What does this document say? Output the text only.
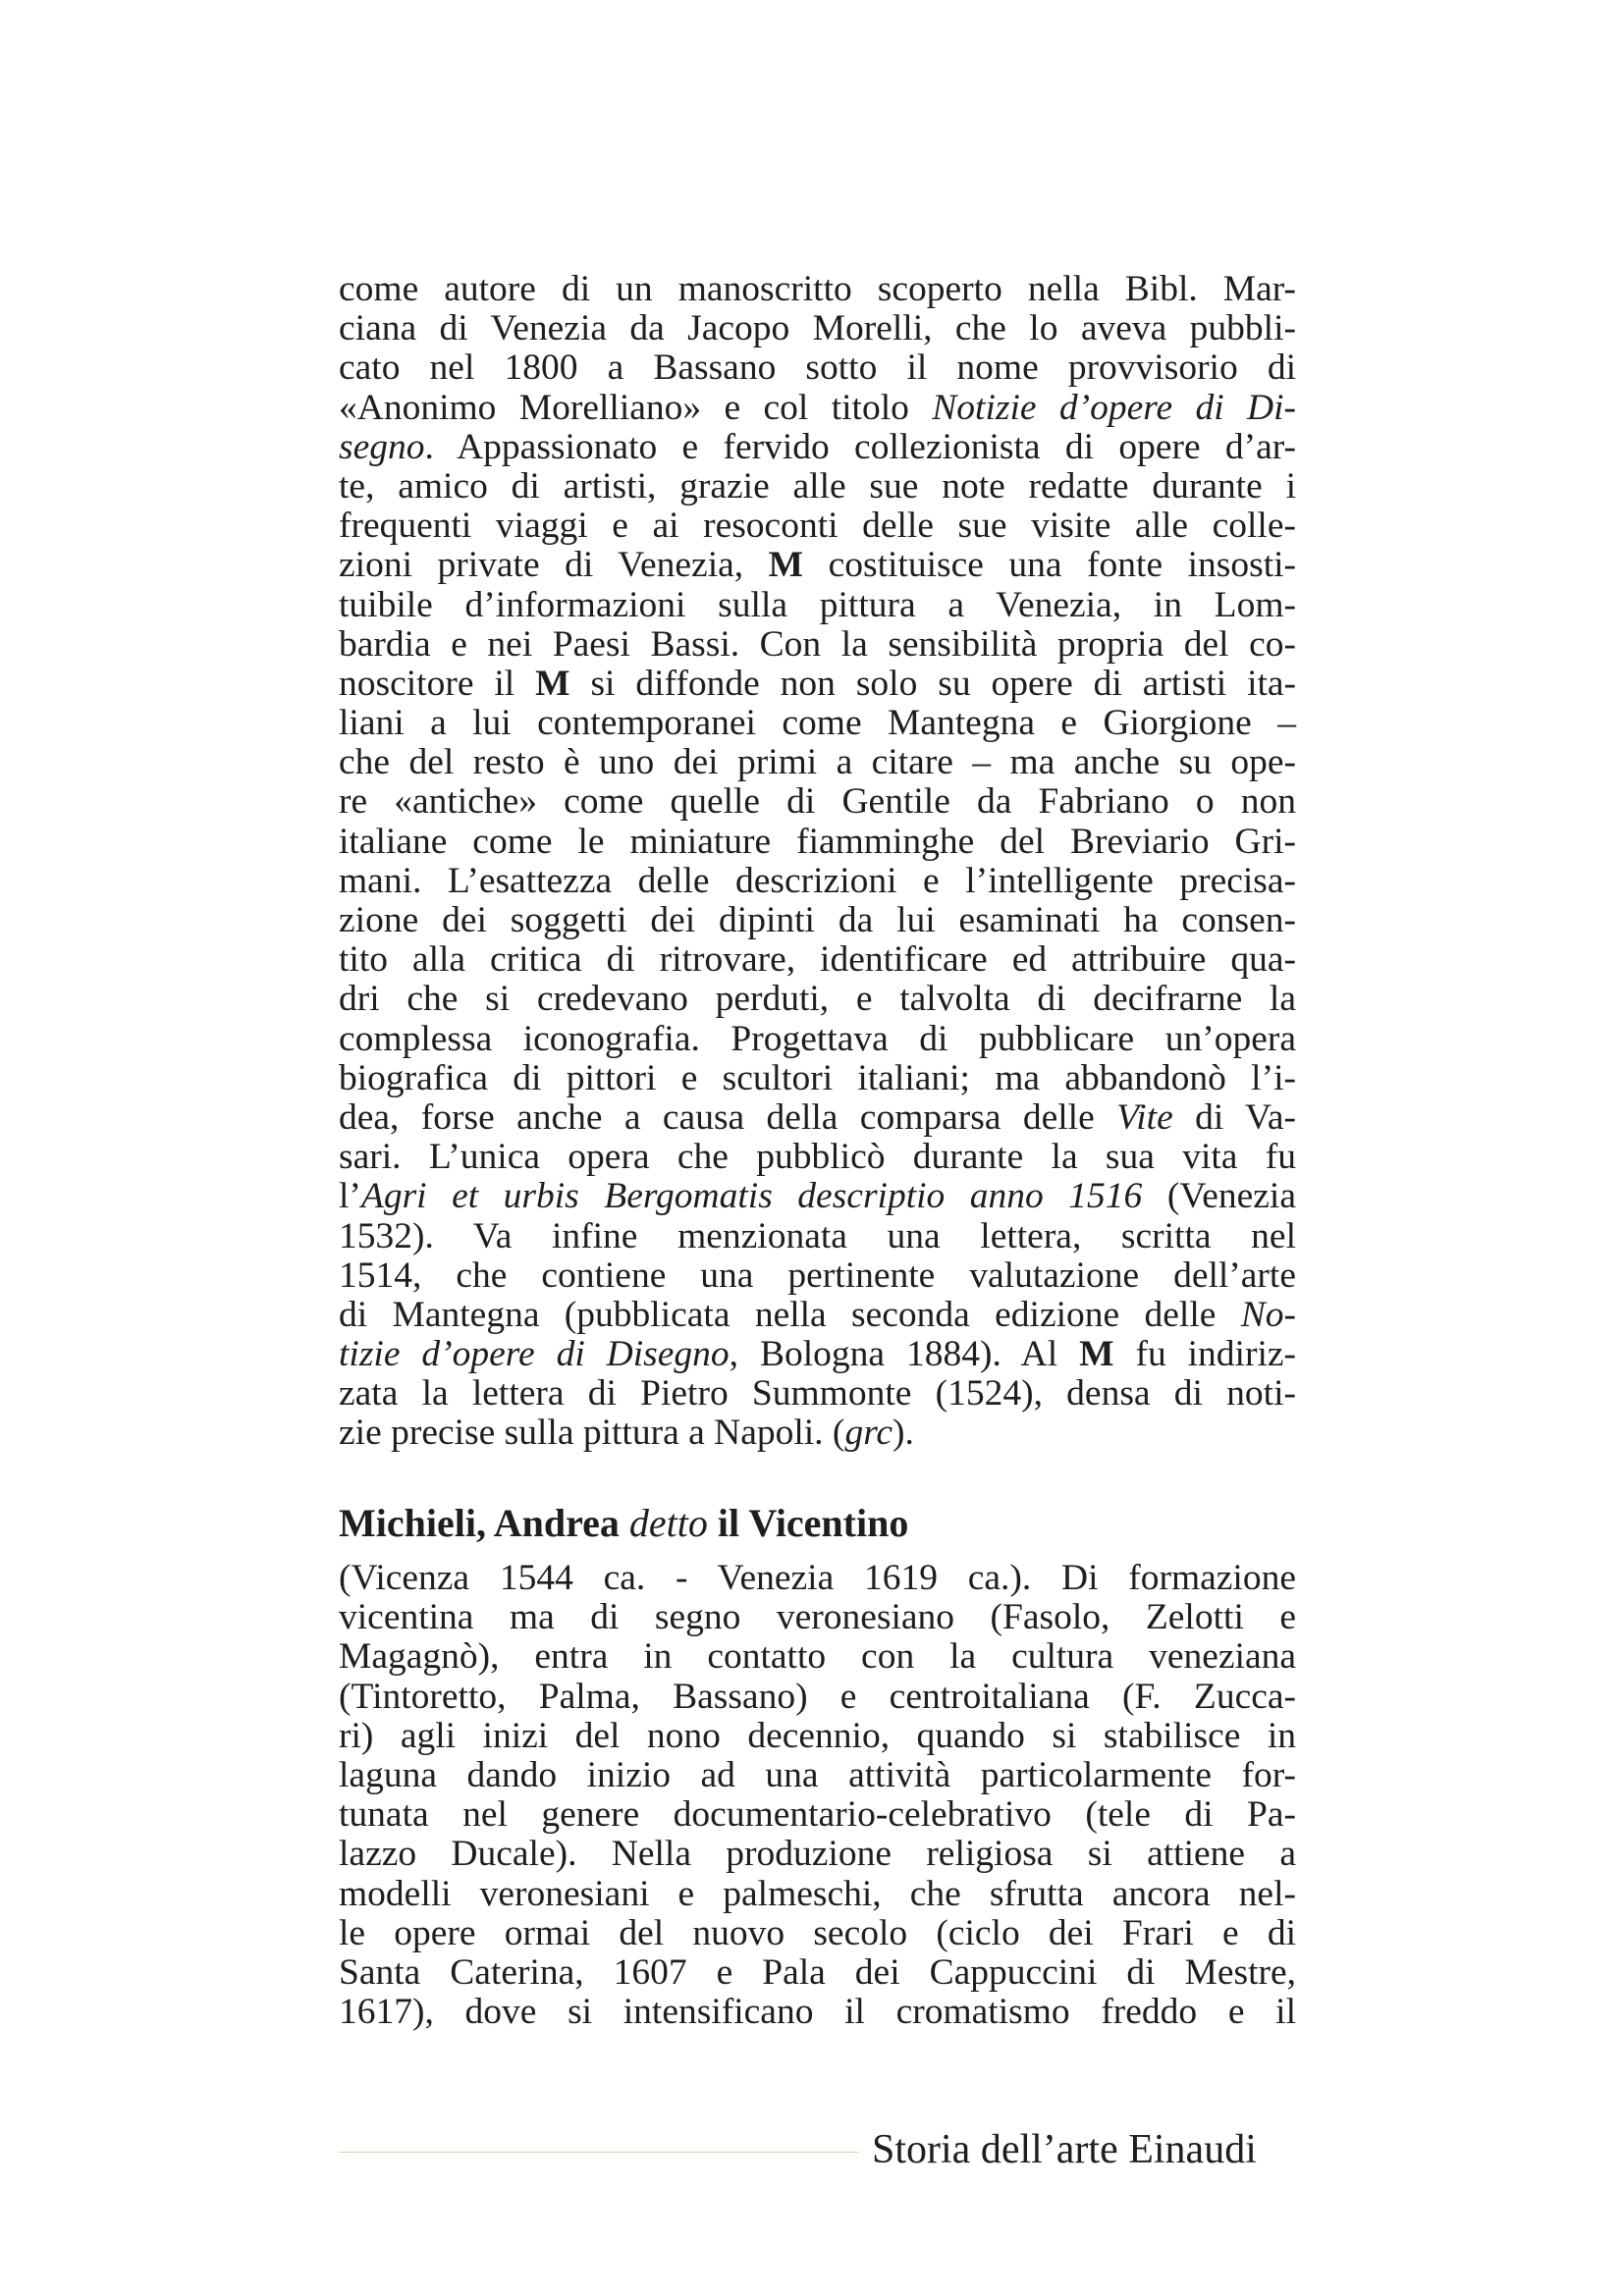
come autore di un manoscritto scoperto nella Bibl. Mar-
ciana di Venezia da Jacopo Morelli, che lo aveva pubbli-
cato nel 1800 a Bassano sotto il nome provvisorio di
«Anonimo Morelliano» e col titolo Notizie d’opere di Di-
segno. Appassionato e fervido collezionista di opere d’ar-
te, amico di artisti, grazie alle sue note redatte durante i
frequenti viaggi e ai resoconti delle sue visite alle colle-
zioni private di Venezia, M costituisce una fonte insosti-
tuibile d’informazioni sulla pittura a Venezia, in Lom-
bardia e nei Paesi Bassi. Con la sensibilità propria del co-
noscitore il M si diffonde non solo su opere di artisti ita-
liani a lui contemporanei come Mantegna e Giorgione –
che del resto è uno dei primi a citare – ma anche su ope-
re «antiche» come quelle di Gentile da Fabriano o non
italiane come le miniature fiamminghe del Breviario Gri-
mani. L’esattezza delle descrizioni e l’intelligente precisa-
zione dei soggetti dei dipinti da lui esaminati ha consen-
tito alla critica di ritrovare, identificare ed attribuire qua-
dri che si credevano perduti, e talvolta di decifrarne la
complessa iconografia. Progettava di pubblicare un’opera
biografica di pittori e scultori italiani; ma abbandonò l’i-
dea, forse anche a causa della comparsa delle Vite di Va-
sari. L’unica opera che pubblicò durante la sua vita fu
l’Agri et urbis Bergomatis descriptio anno 1516 (Venezia
1532). Va infine menzionata una lettera, scritta nel
1514, che contiene una pertinente valutazione dell’arte
di Mantegna (pubblicata nella seconda edizione delle No-
tizie d’opere di Disegno, Bologna 1884). Al M fu indiriz-
zata la lettera di Pietro Summonte (1524), densa di noti-
zie precise sulla pittura a Napoli. (grc).
Michieli, Andrea detto il Vicentino
(Vicenza 1544 ca. - Venezia 1619 ca.). Di formazione
vicentina ma di segno veronesiano (Fasolo, Zelotti e
Magagnò), entra in contatto con la cultura veneziana
(Tintoretto, Palma, Bassano) e centroitaliana (F. Zucca-
ri) agli inizi del nono decennio, quando si stabilisce in
laguna dando inizio ad una attività particolarmente for-
tunata nel genere documentario-celebrativo (tele di Pa-
lazzo Ducale). Nella produzione religiosa si attiene a
modelli veronesiani e palmeschi, che sfrutta ancora nel-
le opere ormai del nuovo secolo (ciclo dei Frari e di
Santa Caterina, 1607 e Pala dei Cappuccini di Mestre,
1617), dove si intensificano il cromatismo freddo e il
Storia dell’arte Einaudi
